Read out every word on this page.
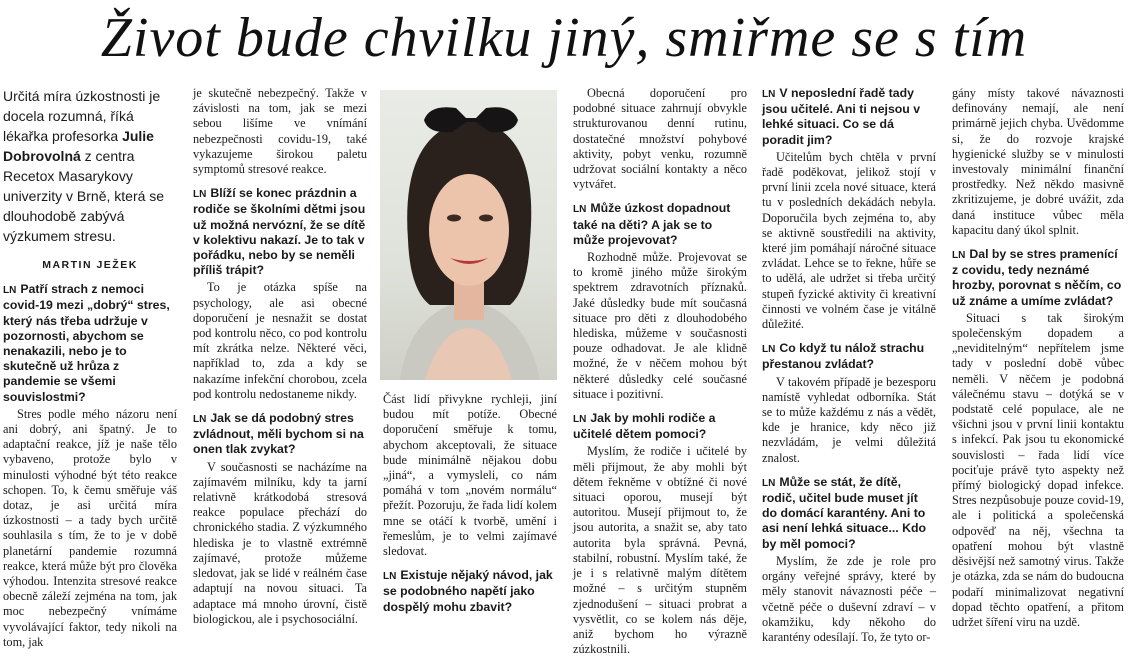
Život bude chvilku jiný, smiřme se s tím
Určitá míra úzkostnosti je docela rozumná, říká lékařka profesorka Julie Dobrovolná z centra Recetox Masarykovy univerzity v Brně, která se dlouhodobě zabývá výzkumem stresu.
MARTIN JEŽEK
LN Patří strach z nemoci covid-19 mezi „dobrý“ stres, který nás třeba udržuje v pozornosti, abychom se nenakazili, nebo je to skutečně už hrůza z pandemie se všemi souvislostmi?

Stres podle mého názoru není ani dobrý, ani špatný. Je to adaptační reakce, jíž je naše tělo vybaveno, protože bylo v minulosti výhodné být této reakce schopen. To, k čemu směřuje váš dotaz, je asi určitá míra úzkostnosti – a tady bych určitě souhlasila s tím, že to je v době planetární pandemie rozumná reakce, která může být pro člověka výhodou. Intenzita stresové reakce obecně záleží zejména na tom, jak moc nebezpečný vnímáme vyvolávající faktor, tedy nikoli na tom, jak

je skutečně nebezpečný. Takže v závislosti na tom, jak se mezi sebou lišíme ve vnímání nebezpečnosti covidu-19, také vykazujeme širokou paletu symptomů stresové reakce.

LN Blíží se konec prázdnin a rodiče se školními dětmi jsou už možná nervózní, že se dítě v kolektivu nakazí. Je to tak v pořádku, nebo by se neměli příliš trápit?

To je otázka spíše na psychology, ale asi obecné doporučení je nesnažit se dostat pod kontrolu něco, co pod kontrolu mít zkrátka nelze. Některé věci, například to, zda a kdy se nakazíme infekční chorobou, zcela pod kontrolu nedostaneme nikdy.

LN Jak se dá podobný stres zvládnout, měli bychom si na onen tlak zvykat?

V současnosti se nacházíme na zajímavém milníku, kdy ta jarní relativně krátkodobá stresová reakce populace přechází do chronického stadia. Z výzkumného hlediska je to vlastně extrémně zajímavé, protože můžeme sledovat, jak se lidé v reálném čase adaptují na novou situaci. Ta adaptace má mnoho úrovní, čistě biologickou, ale i psychosociální.

Část lidí přivykne rychleji, jiní budou mít potíže. Obecné doporučení směřuje k tomu, abychom akceptovali, že situace bude minimálně nějakou dobu „jiná“, a vymysleli, co nám pomáhá v tom „novém normálu“ přežít. Pozoruju, že řada lidí kolem mne se otáčí k tvorbě, umění i řemeslům, je to velmi zajímavé sledovat.

LN Existuje nějaký návod, jak se podobného napětí jako dospělý mohu zbavit?

Obecná doporučení pro podobné situace zahrnují obvykle strukturovanou denní rutinu, dostatečné množství pohybové aktivity, pobyt venku, rozumně udržovat sociální kontakty a něco vytvářet.

LN Může úzkost dopadnout také na děti? A jak se to může projevovat?

Rozhodně může. Projevovat se to kromě jiného může širokým spektrem zdravotních příznaků. Jaké důsledky bude mít současná situace pro děti z dlouhodobého hlediska, můžeme v současnosti pouze odhadovat. Je ale klidně možné, že v něčem mohou být některé důsledky celé současné situace i pozitivní.

LN Jak by mohli rodiče a učitelé dětem pomoci?

Myslím, že rodiče i učitelé by měli přijmout, že aby mohli být dětem řekněme v obtížné či nové situaci oporou, musejí být autoritou. Musejí přijmout to, že jsou autorita, a snažit se, aby tato autorita byla správná. Pevná, stabilní, robustní. Myslím také, že je i s relativně malým dítětem možné – s určitým stupněm zjednodušení – situaci probrat a vysvětlit, co se kolem nás děje, aniž bychom ho výrazně zúzkostnili.

LN V neposlední řadě tady jsou učitelé. Ani ti nejsou v lehké situaci. Co se dá poradit jim?

Učitelům bych chtěla v první řadě poděkovat, jelikož stojí v první linii zcela nové situace, která tu v posledních dekádách nebyla. Doporučila bych zejména to, aby se aktivně soustředili na aktivity, které jim pomáhají náročné situace zvládat. Lehce se to řekne, hůře se to udělá, ale udržet si třeba určitý stupeň fyzické aktivity či kreativní činnosti ve volném čase je vitálně důležité.

LN Co když tu nálož strachu přestanou zvládat?

V takovém případě je bezesporu namístě vyhledat odborníka. Stát se to může každému z nás a vědět, kde je hranice, kdy něco již nezvládám, je velmi důležitá znalost.

LN Může se stát, že dítě, rodič, učitel bude muset jít do domácí karantény. Ani to asi není lehká situace... Kdo by měl pomoci?

Myslím, že zde je role pro orgány veřejné správy, které by měly stanovit návaznosti péče – včetně péče o duševní zdraví – v okamžiku, kdy někoho do karantény odesílají. To, že tyto or-

gány místy takové návaznosti definovány nemají, ale není primárně jejich chyba. Uvědomme si, že do rozvoje krajské hygienické služby se v minulosti investovaly minimální finanční prostředky. Než někdo masivně zkritizujeme, je dobré uvážit, zda daná instituce vůbec měla kapacitu daný úkol splnit.

LN Dal by se stres pramenící z covidu, tedy neznámé hrozby, porovnat s něčím, co už známe a umíme zvládat?

Situaci s tak širokým společenským dopadem a „neviditelným“ nepřítelem jsme tady v poslední době vůbec neměli. V něčem je podobná válečnému stavu – dotýká se v podstatě celé populace, ale ne všichni jsou v první linii kontaktu s infekcí. Pak jsou tu ekonomické souvislosti – řada lidí více pociťuje právě tyto aspekty než přímý biologický dopad infekce. Stres nezpůsobuje pouze covid-19, ale i politická a společenská odpověď na něj, všechna ta opatření mohou být vlastně děsivější než samotný virus. Takže je otázka, zda se nám do budoucna podaří minimalizovat negativní dopad těchto opatření, a přitom udržet šíření viru na uzdě.
